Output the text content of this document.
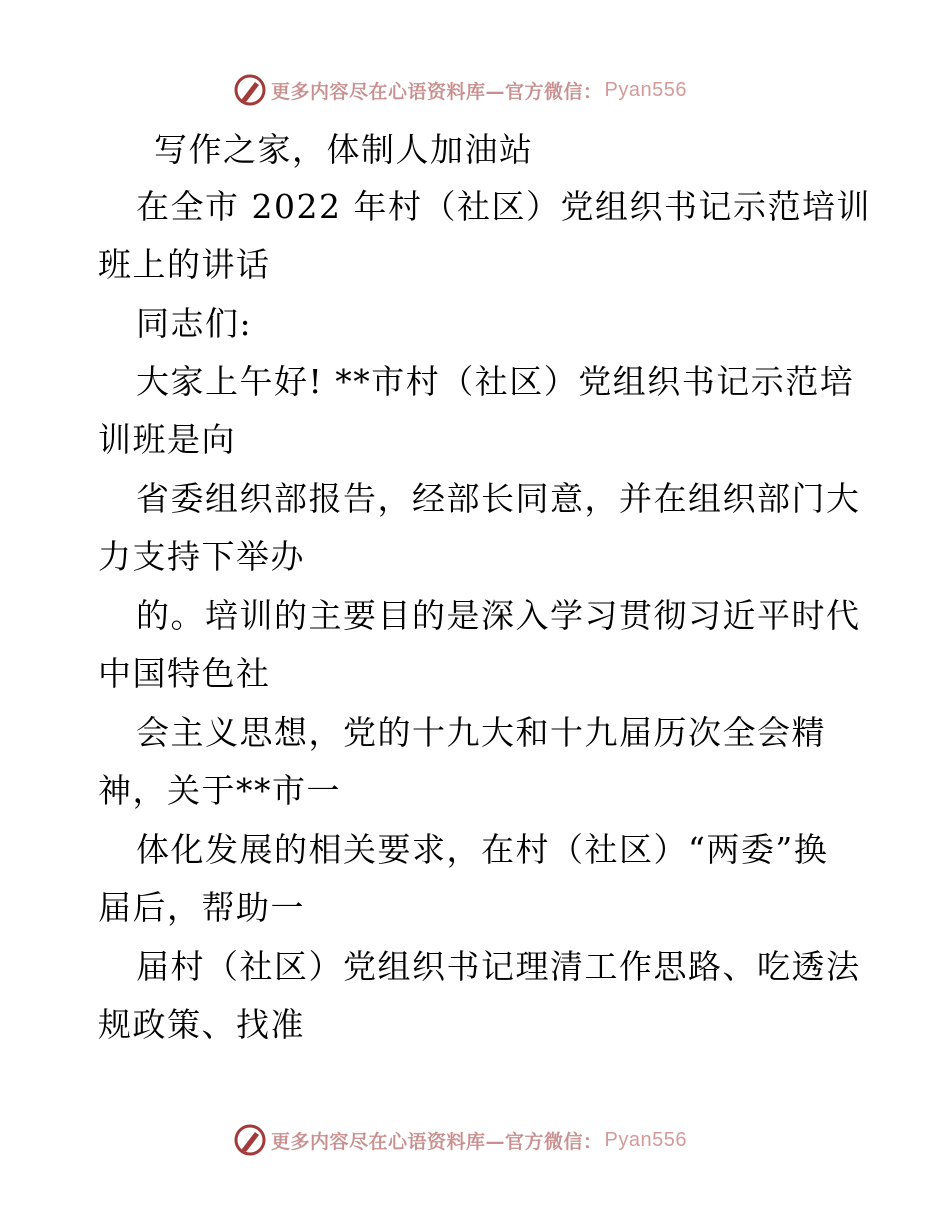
更多内容尽在心语资料库—官方微信： Pyan556
写作之家，体制人加油站
在全市 2022 年村（社区）党组织书记示范培训
班上的讲话
同志们:
大家上午好! **市村（社区）党组织书记示范培
训班是向
省委组织部报告，经部长同意，并在组织部门大
力支持下举办
的。培训的主要目的是深入学习贯彻习近平时代
中国特色社
会主义思想，党的十九大和十九届历次全会精
神，关于**市一
体化发展的相关要求，在村（社区）“两委”换
届后，帮助一
届村（社区）党组织书记理清工作思路、吃透法
规政策、找准
更多内容尽在心语资料库—官方微信： Pyan556
